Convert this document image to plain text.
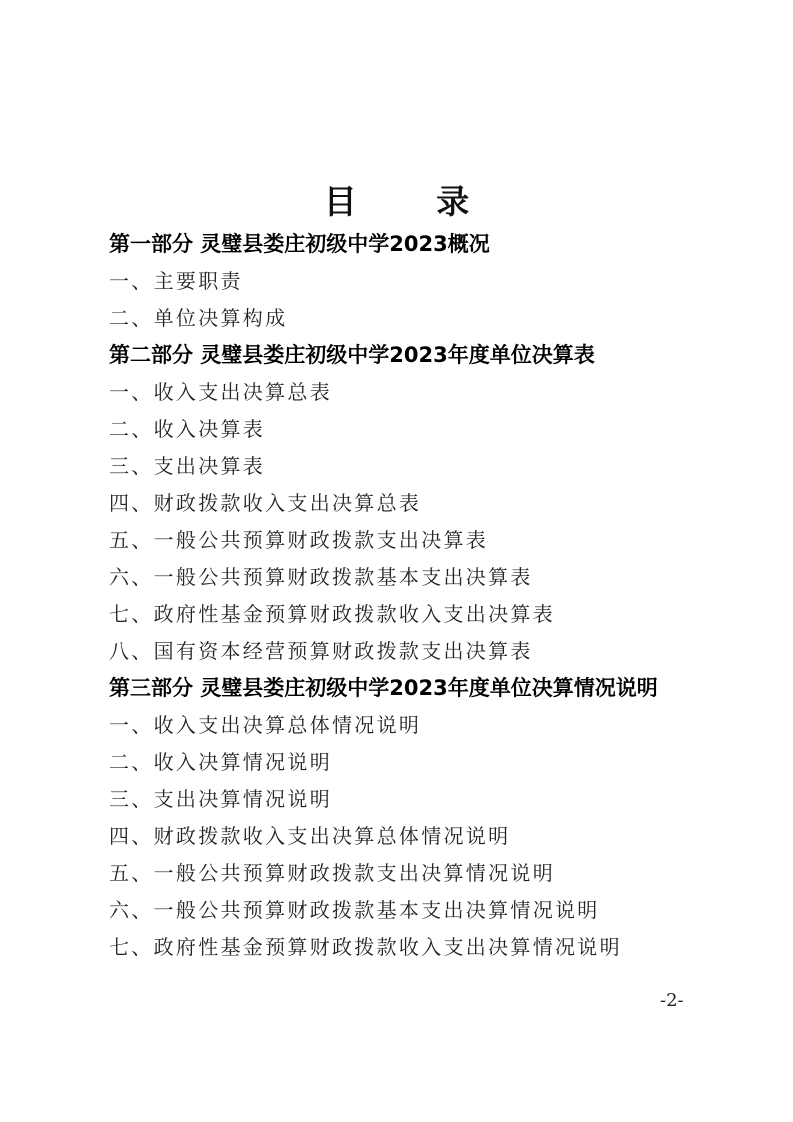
目 录
第一部分 灵璧县娄庄初级中学2023概况
一、主要职责
二、单位决算构成
第二部分 灵璧县娄庄初级中学2023年度单位决算表
一、收入支出决算总表
二、收入决算表
三、支出决算表
四、财政拨款收入支出决算总表
五、一般公共预算财政拨款支出决算表
六、一般公共预算财政拨款基本支出决算表
七、政府性基金预算财政拨款收入支出决算表
八、国有资本经营预算财政拨款支出决算表
第三部分 灵璧县娄庄初级中学2023年度单位决算情况说明
一、收入支出决算总体情况说明
二、收入决算情况说明
三、支出决算情况说明
四、财政拨款收入支出决算总体情况说明
五、一般公共预算财政拨款支出决算情况说明
六、一般公共预算财政拨款基本支出决算情况说明
七、政府性基金预算财政拨款收入支出决算情况说明
-2-
